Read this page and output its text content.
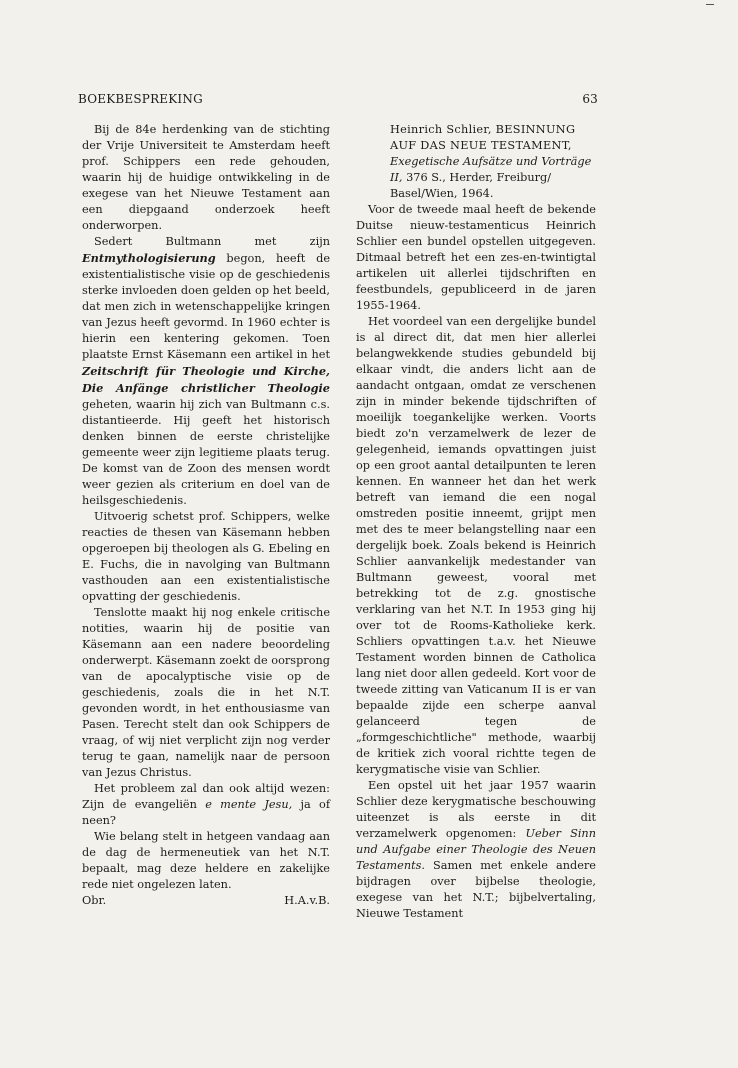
BOEKBESPREKING	63

Bij de 84e herdenking van de stichting der Vrije Universiteit te Amsterdam heeft prof. Schippers een rede gehouden, waarin hij de huidige ontwikkeling in de exegese van het Nieuwe Testament aan een diepgaand onderzoek heeft onderworpen.

Sedert Bultmann met zijn Entmythologisierung begon, heeft de existentialistische visie op de geschiedenis sterke invloeden doen gelden op het beeld, dat men zich in wetenschappelijke kringen van Jezus heeft gevormd. In 1960 echter is hierin een kentering gekomen. Toen plaatste Ernst Käsemann een artikel in het Zeitschrift für Theologie und Kirche, Die Anfänge christlicher Theologie geheten, waarin hij zich van Bultmann c.s. distantieerde. Hij geeft het historisch denken binnen de eerste christelijke gemeente weer zijn legitieme plaats terug. De komst van de Zoon des mensen wordt weer gezien als criterium en doel van de heilsgeschiedenis.

Uitvoerig schetst prof. Schippers, welke reacties de thesen van Käsemann hebben opgeroepen bij theologen als G. Ebeling en E. Fuchs, die in navolging van Bultmann vasthouden aan een existentialistische opvatting der geschiedenis.

Tenslotte maakt hij nog enkele critische notities, waarin hij de positie van Käsemann aan een nadere beoordeling onderwerpt. Käsemann zoekt de oorsprong van de apocalyptische visie op de geschiedenis, zoals die in het N.T. gevonden wordt, in het enthousiasme van Pasen. Terecht stelt dan ook Schippers de vraag, of wij niet verplicht zijn nog verder terug te gaan, namelijk naar de persoon van Jezus Christus.

Het probleem zal dan ook altijd wezen: Zijn de evangeliën e mente Jesu, ja of neen?

Wie belang stelt in hetgeen vandaag aan de dag de hermeneutiek van het N.T. bepaalt, mag deze heldere en zakelijke rede niet ongelezen laten.

Obr.	H.A.v.B.

Heinrich Schlier, BESINNUNG AUF DAS NEUE TESTAMENT, Exegetische Aufsätze und Vorträge II, 376 S., Herder, Freiburg/ Basel/Wien, 1964.

Voor de tweede maal heeft de bekende Duitse nieuw-testamenticus Heinrich Schlier een bundel opstellen uitgegeven. Ditmaal betreft het een zes-en-twintigtal artikelen uit allerlei tijdschriften en feestbundels, gepubliceerd in de jaren 1955-1964.

Het voordeel van een dergelijke bundel is al direct dit, dat men hier allerlei belangwekkende studies gebundeld bij elkaar vindt, die anders licht aan de aandacht ontgaan, omdat ze verschenen zijn in minder bekende tijdschriften of moeilijk toegankelijke werken. Voorts biedt zo'n verzamelwerk de lezer de gelegenheid, iemands opvattingen juist op een groot aantal detailpunten te leren kennen. En wanneer het dan het werk betreft van iemand die een nogal omstreden positie inneemt, grijpt men met des te meer belangstelling naar een dergelijk boek. Zoals bekend is Heinrich Schlier aanvankelijk medestander van Bultmann geweest, vooral met betrekking tot de z.g. gnostische verklaring van het N.T. In 1953 ging hij over tot de Rooms-Katholieke kerk. Schliers opvattingen t.a.v. het Nieuwe Testament worden binnen de Catholica lang niet door allen gedeeld. Kort voor de tweede zitting van Vaticanum II is er van bepaalde zijde een scherpe aanval gelanceerd tegen de „formgeschichtliche" methode, waarbij de kritiek zich vooral richtte tegen de kerygmatische visie van Schlier.

Een opstel uit het jaar 1957 waarin Schlier deze kerygmatische beschouwing uiteenzet is als eerste in dit verzamelwerk opgenomen: Ueber Sinn und Aufgabe einer Theologie des Neuen Testaments. Samen met enkele andere bijdragen over bijbelse theologie, exegese van het N.T.; bijbelvertaling, Nieuwe Testament
